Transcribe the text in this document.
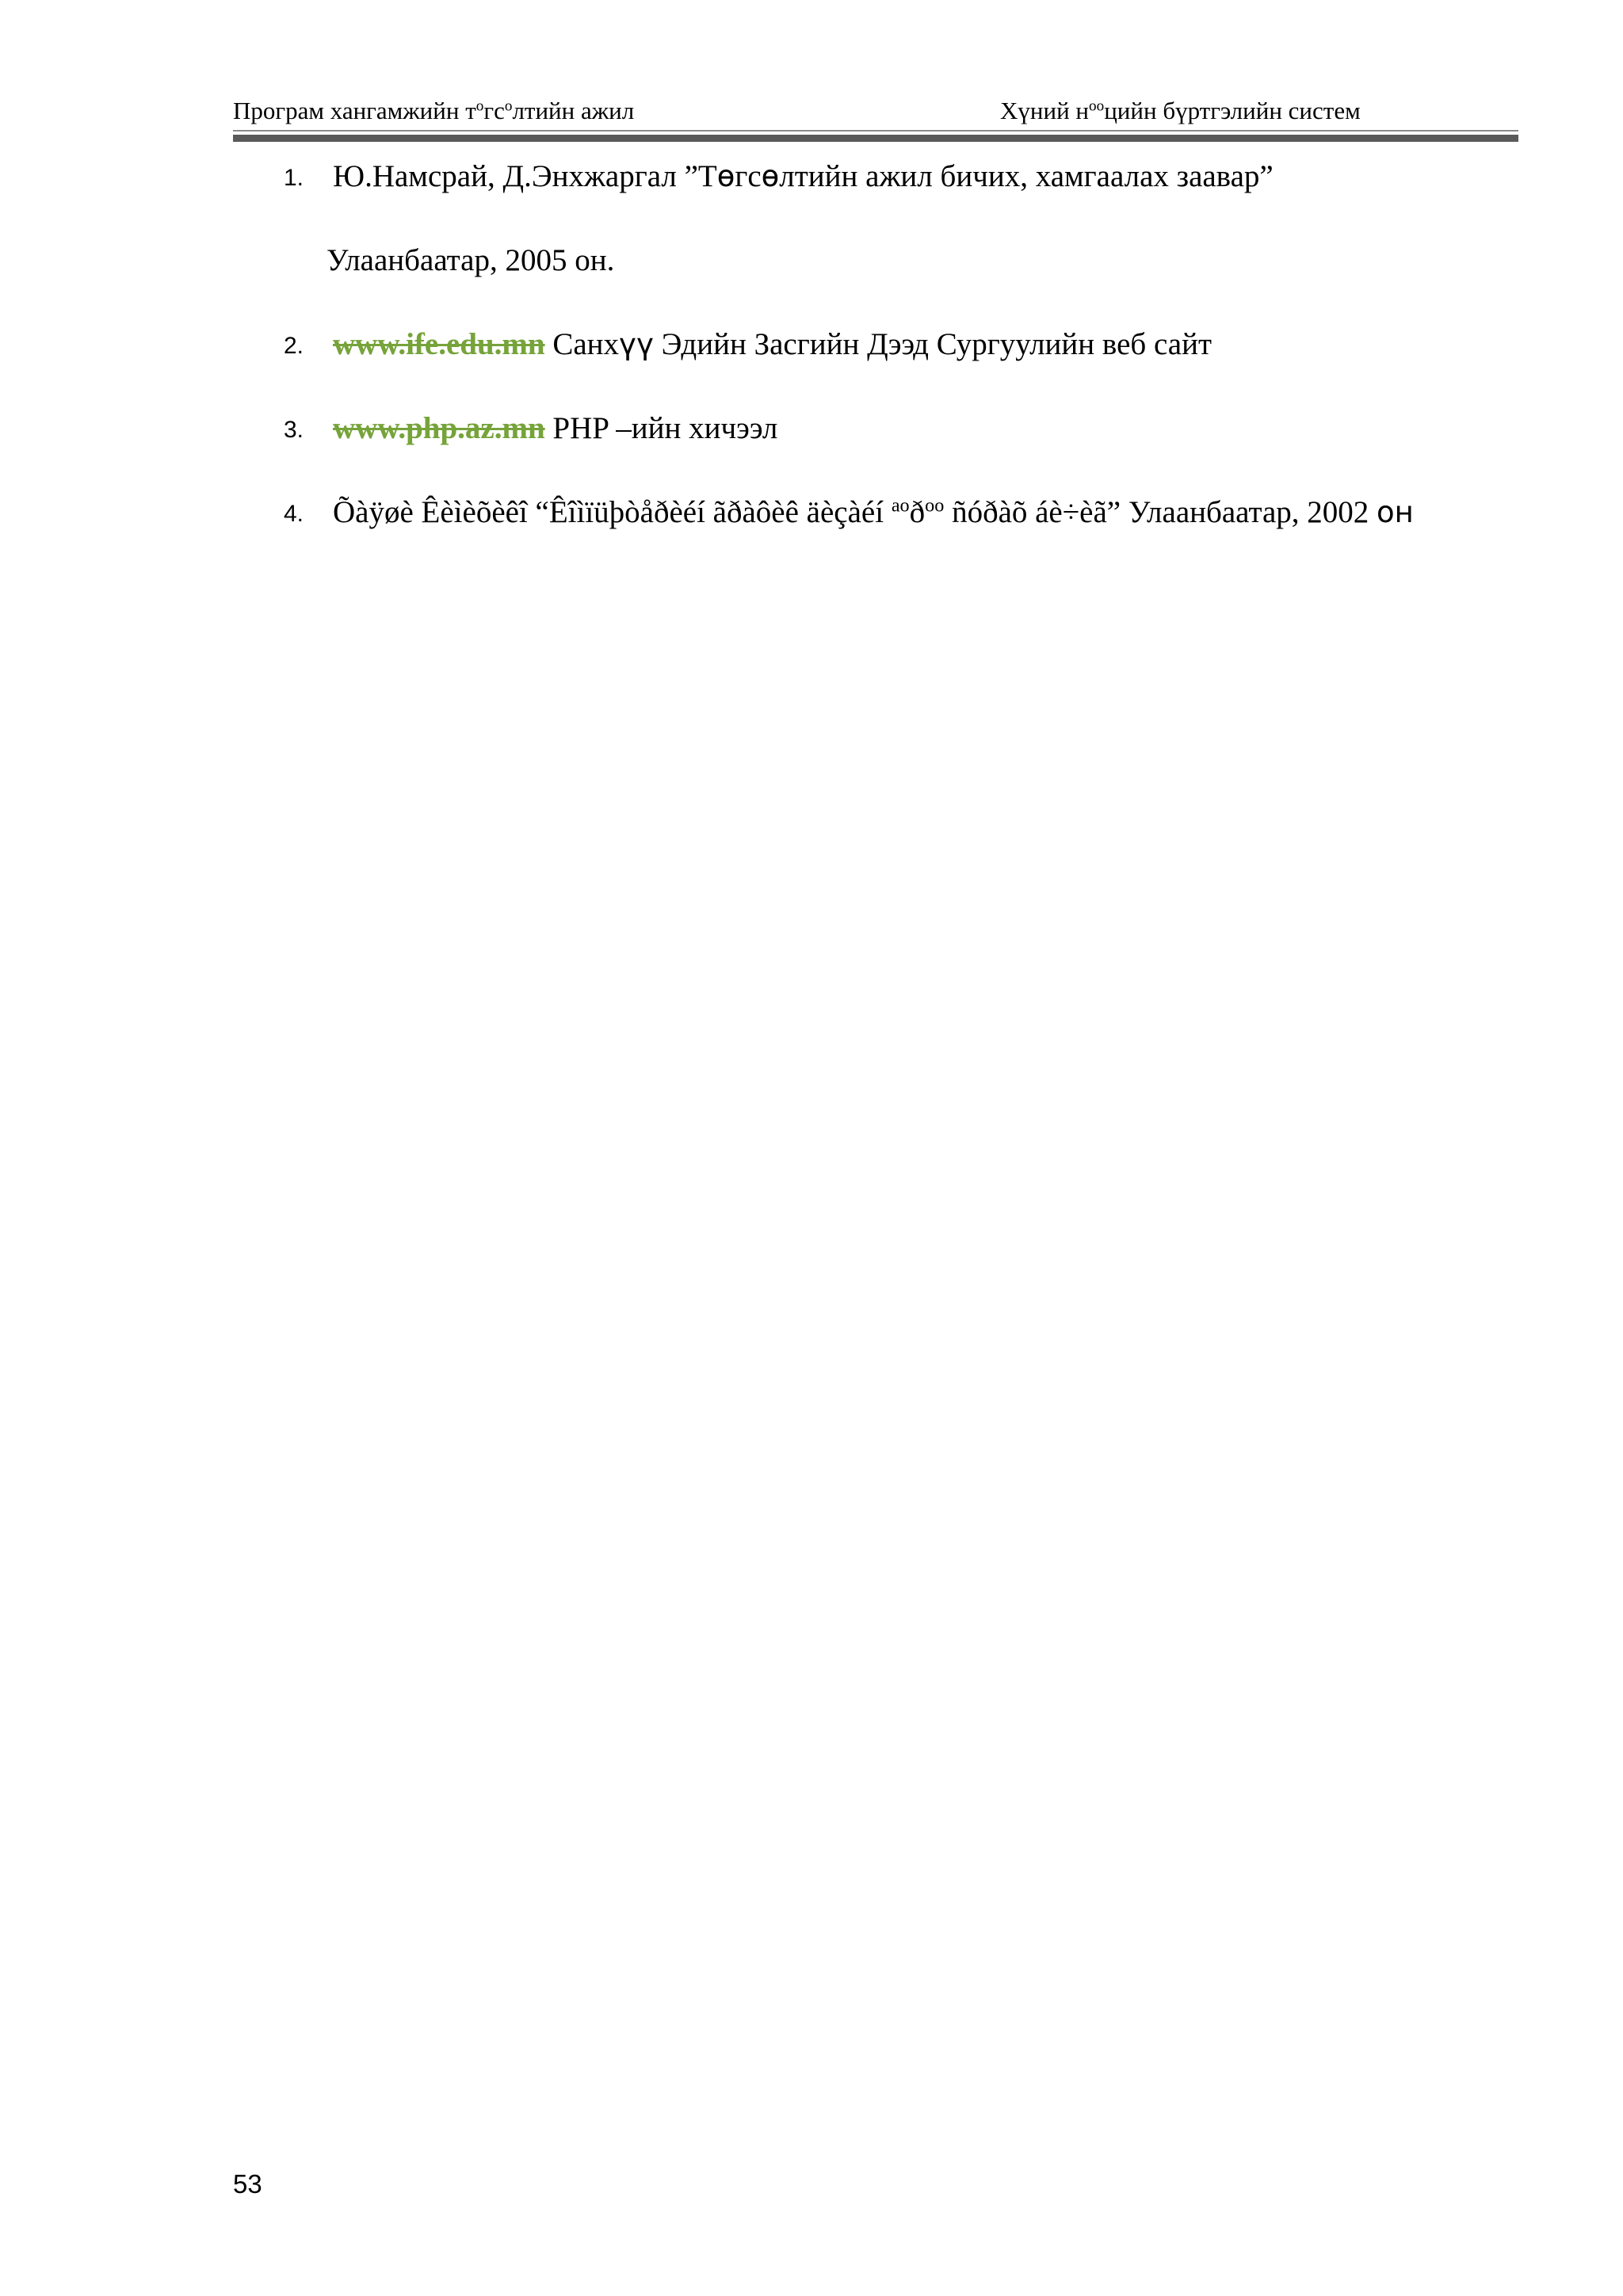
Програм хангамжийн $т^огс^олтийн$ ажил	Хүний $н^{оо}цийн$ бүртгэлийн систем
1. Ю.Намсрай, Д.Энхжаргал ”Төгсөлтийн ажил бичих, хамгаалах заавар”
Улаанбаатар, 2005 он.
2. www.ife.edu.mn Санхүү Эдийн Засгийн Дээд Сургуулийн веб сайт
3. www.php.az.mn PHP –ийн хичээл
4. Õàÿøè Êèìèõèêî “Êîìïüþòåðèéí ãðàôèê äèçàéí $^{ао}ð^{оо}$ ñóðàõ áè÷èã” Улаанбаатар, 2002 он
53
